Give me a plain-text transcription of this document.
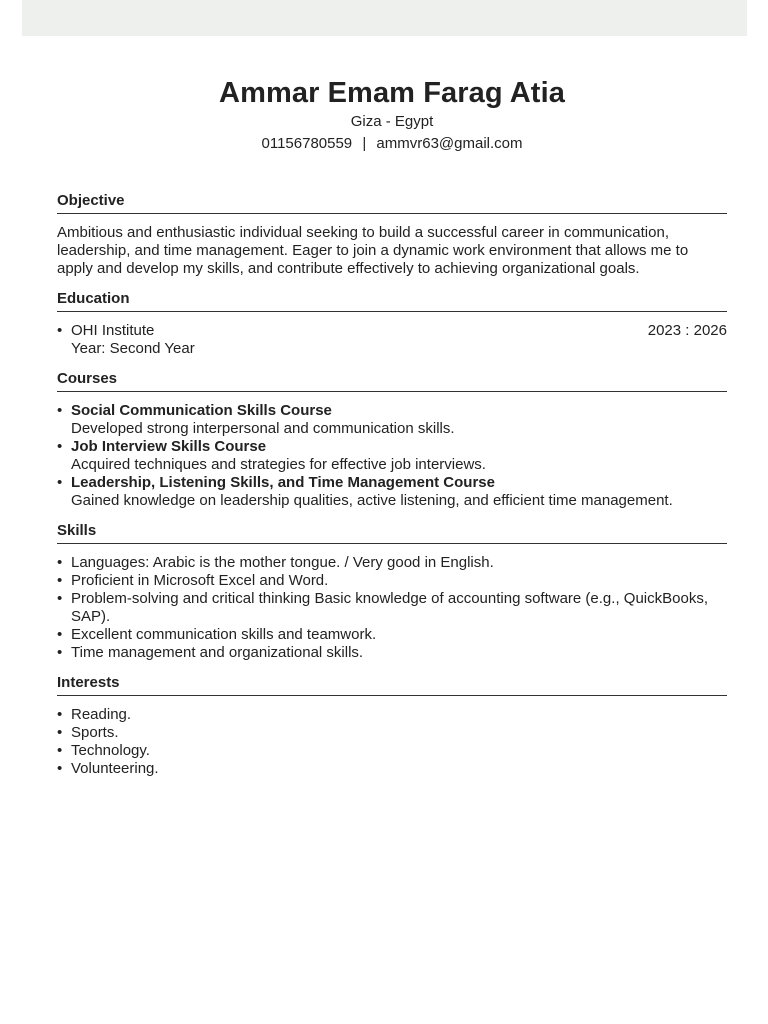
Ammar Emam Farag Atia
Giza - Egypt
01156780559 | ammvr63@gmail.com
Objective
Ambitious and enthusiastic individual seeking to build a successful career in communication, leadership, and time management. Eager to join a dynamic work environment that allows me to apply and develop my skills, and contribute effectively to achieving organizational goals.
Education
• OHI Institute	2023 : 2026
Year: Second Year
Courses
• Social Communication Skills Course
Developed strong interpersonal and communication skills.
• Job Interview Skills Course
Acquired techniques and strategies for effective job interviews.
• Leadership, Listening Skills, and Time Management Course
Gained knowledge on leadership qualities, active listening, and efficient time management.
Skills
• Languages: Arabic is the mother tongue. / Very good in English.
• Proficient in Microsoft Excel and Word.
• Problem-solving and critical thinking Basic knowledge of accounting software (e.g., QuickBooks, SAP).
• Excellent communication skills and teamwork.
• Time management and organizational skills.
Interests
• Reading.
• Sports.
• Technology.
• Volunteering.
